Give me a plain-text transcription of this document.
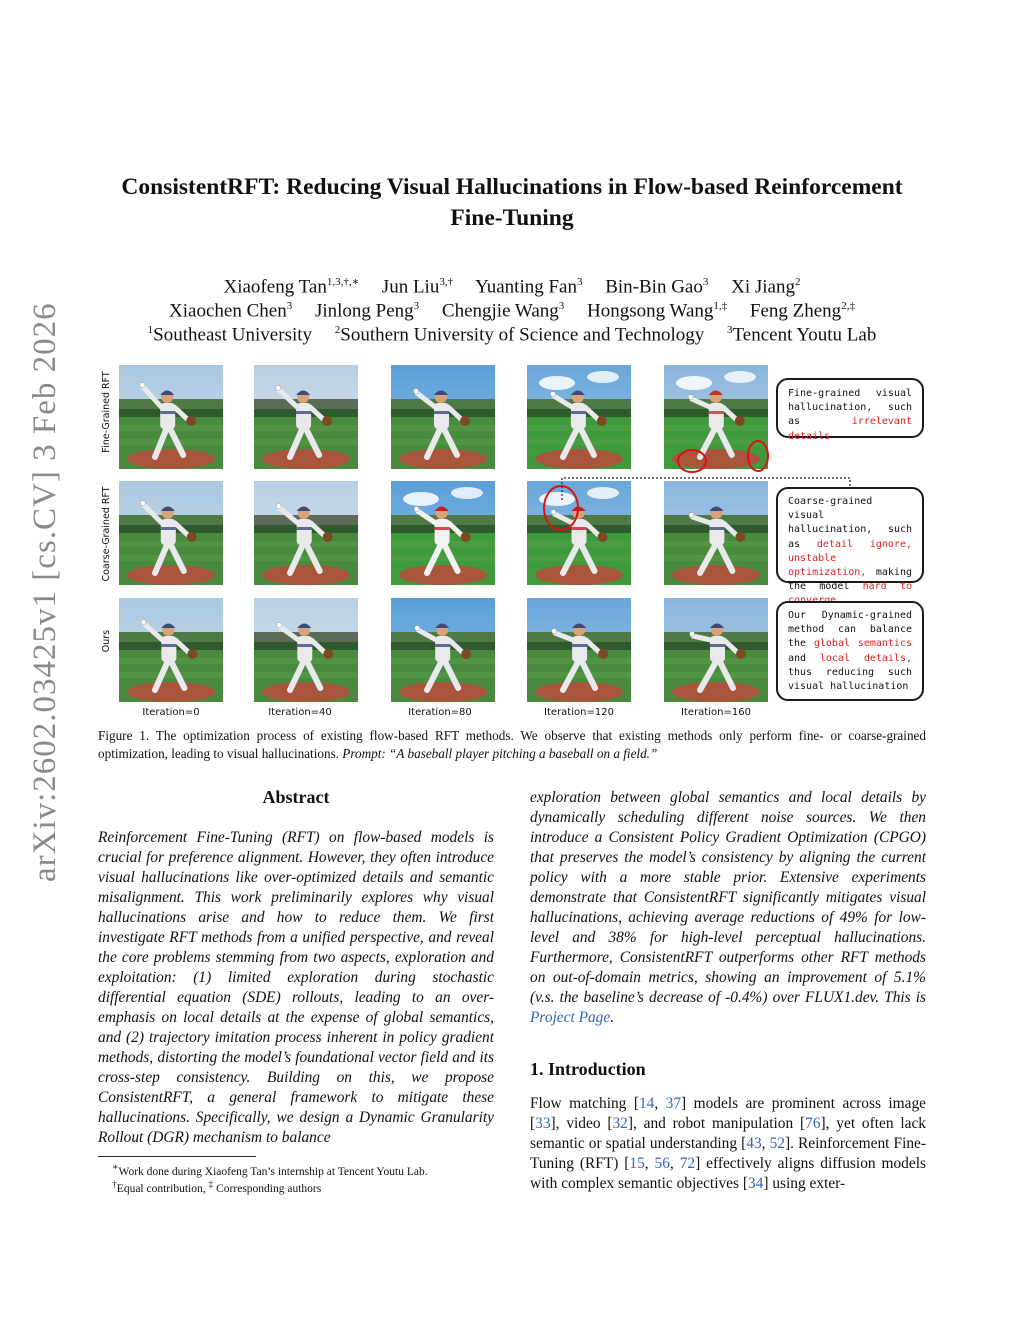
arXiv:2602.03425v1 [cs.CV] 3 Feb 2026
ConsistentRFT: Reducing Visual Hallucinations in Flow-based Reinforcement
Fine-Tuning
Xiaofeng Tan$^{1,3,\dagger,∗}$ Jun Liu$^{3,\dagger}$ Yuanting Fan$^3$ Bin-Bin Gao$^3$ Xi Jiang$^2$
Xiaochen Chen$^3$ Jinlong Peng$^3$ Chengjie Wang$^3$ Hongsong Wang$^{1,\ddagger}$ Feng Zheng$^{2,\ddagger}$
$^1$Southeast University $^2$Southern University of Science and Technology $^3$Tencent Youtu Lab
Fine-Grained RFT
Coarse-Grained RFT
Ours
Iteration=0	Iteration=40	Iteration=80	Iteration=120	Iteration=160
Fine-grained visual hallucination, such as irrelevant details
Coarse-grained visual hallucination, such as detail ignore, unstable optimization, making the model hard to
Our Dynamic-grained method can balance the global semantics and local details, thus reducing such visual hallucination
Figure 1. The optimization process of existing flow-based RFT methods. We observe that existing methods only perform fine- or coarse-grained optimization, leading to visual hallucinations. Prompt: “A baseball player pitching a baseball on a field.”
Abstract
Reinforcement Fine-Tuning (RFT) on flow-based models is crucial for preference alignment. However, they often introduce visual hallucinations like over-optimized details and semantic misalignment. This work preliminarily explores why visual hallucinations arise and how to reduce them. We first investigate RFT methods from a unified perspective, and reveal the core problems stemming from two aspects, exploration and exploitation: (1) limited exploration during stochastic differential equation (SDE) rollouts, leading to an over-emphasis on local details at the expense of global semantics, and (2) trajectory imitation process inherent in policy gradient methods, distorting the model’s foundational vector field and its cross-step consistency. Building on this, we propose ConsistentRFT, a general framework to mitigate these hallucinations. Specifically, we design a Dynamic Granularity Rollout (DGR) mechanism to balance
∗Work done during Xiaofeng Tan’s internship at Tencent Youtu Lab.
†Equal contribution, ‡ Corresponding authors
exploration between global semantics and local details by dynamically scheduling different noise sources. We then introduce a Consistent Policy Gradient Optimization (CPGO) that preserves the model’s consistency by aligning the current policy with a more stable prior. Extensive experiments demonstrate that ConsistentRFT significantly mitigates visual hallucinations, achieving average reductions of 49% for low-level and 38% for high-level perceptual hallucinations. Furthermore, ConsistentRFT outperforms other RFT methods on out-of-domain metrics, showing an improvement of 5.1% (v.s. the baseline’s decrease of -0.4%) over FLUX1.dev. This is Project Page.
1. Introduction
Flow matching [14, 37] models are prominent across image [33], video [32], and robot manipulation [76], yet often lack semantic or spatial understanding [43, 52]. Reinforcement Fine-Tuning (RFT) [15, 56, 72] effectively aligns diffusion models with complex semantic objectives [34] using exter-
